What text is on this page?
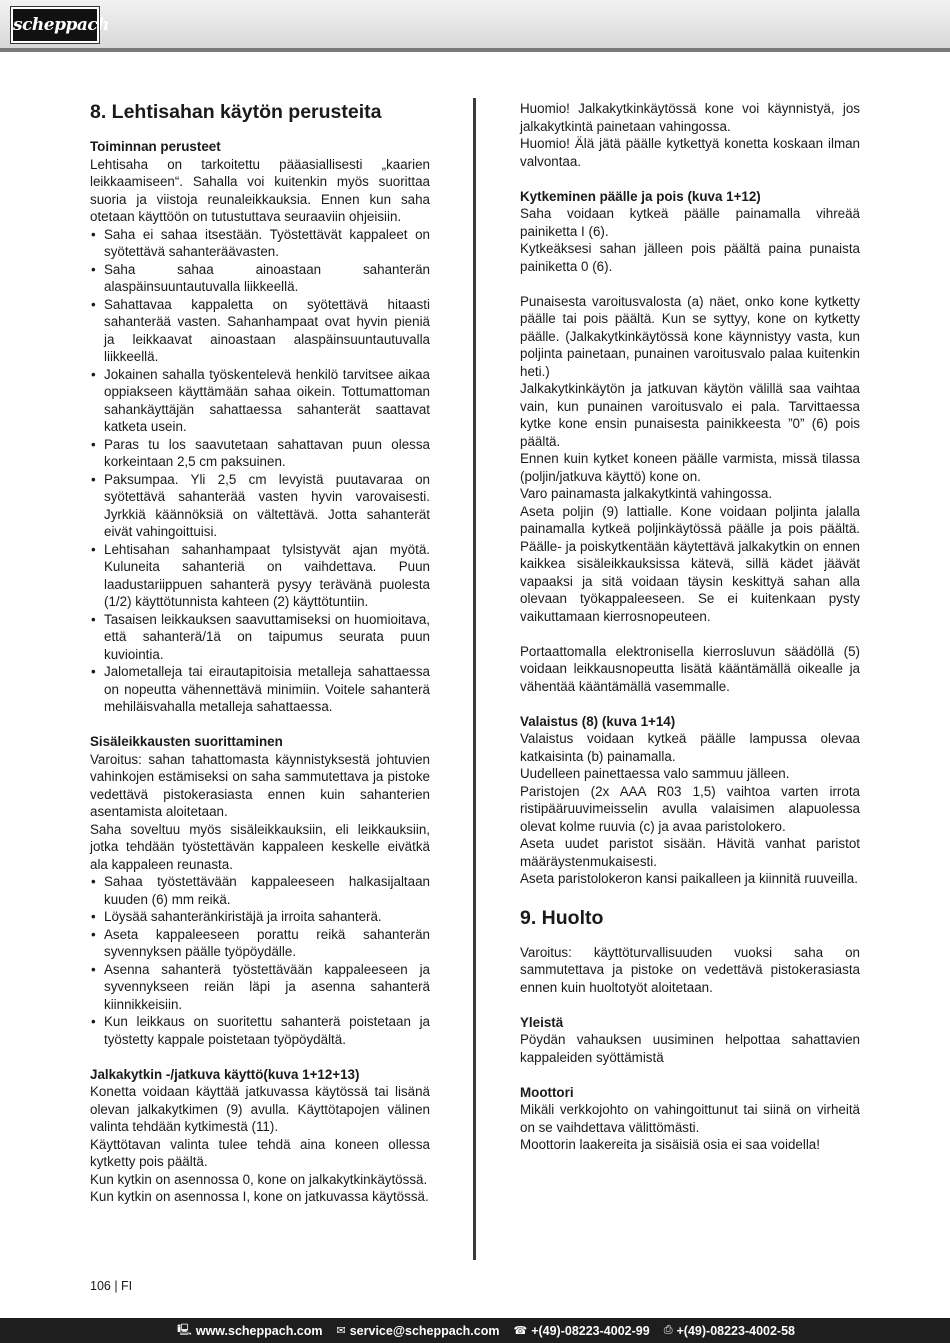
scheppach
8. Lehtisahan käytön perusteita
Toiminnan perusteet
Lehtisaha on tarkoitettu pääasiallisesti „kaarien leikkaamiseen“. Sahalla voi kuitenkin myös suorittaa suoria ja viistoja reunaleikkauksia. Ennen kun saha otetaan käyttöön on tutustuttava seuraaviin ohjeisiin.
• Saha ei sahaa itsestään. Työstettävät kappaleet on syötettävä sahanteräävasten.
• Saha sahaa ainoastaan sahanterän alaspäinsuuntautuvalla liikkeellä.
• Sahattavaa kappaletta on syötettävä hitaasti sahanterää vasten. Sahanhampaat ovat hyvin pieniä ja leikkaavat ainoastaan alaspäinsuuntautuvalla liikkeellä.
• Jokainen sahalla työskentelevä henkilö tarvitsee aikaa oppiakseen käyttämään sahaa oikein. Tottumattoman sahankäyttäjän sahattaessa sahanterät saattavat katketa usein.
• Paras tu los saavutetaan sahattavan puun olessa korkeintaan 2,5 cm paksuinen.
• Paksumpaa. Yli 2,5 cm levyistä puutavaraa on syötettävä sahanterää vasten hyvin varovaisesti. Jyrkkiä käännöksiä on vältettävä. Jotta sahanterät eivät vahingoittuisi.
• Lehtisahan sahanhampaat tylsistyvät ajan myötä. Kuluneita sahanteriä on vaihdettava. Puun laadustariippuen sahanterä pysyy terävänä puolesta (1/2) käyttötunnista kahteen (2) käyttötuntiin.
• Tasaisen leikkauksen saavuttamiseksi on huomioitava, että sahanterä/1ä on taipumus seurata puun kuviointia.
• Jalometalleja tai eirautapitoisia metalleja sahattaessa on nopeutta vähennettävä minimiin. Voitele sahanterä mehiläisvahalla metalleja sahattaessa.
Sisäleikkausten suorittaminen
Varoitus: sahan tahattomasta käynnistyksestä johtuvien vahinkojen estämiseksi on saha sammutettava ja pistoke vedettävä pistokerasiasta ennen kuin sahanterien asentamista aloitetaan.
Saha soveltuu myös sisäleikkauksiin, eli leikkauksiin, jotka tehdään työstettävän kappaleen keskelle eivätkä ala kappaleen reunasta.
• Sahaa työstettävään kappaleeseen halkasijaltaan kuuden (6) mm reikä.
• Löysää sahanteränkiristäjä ja irroita sahanterä.
• Aseta kappaleeseen porattu reikä sahanterän syvennyksen päälle työpöydälle.
• Asenna sahanterä työstettävään kappaleeseen ja syvennykseen reiän läpi ja asenna sahanterä kiinnikkeisiin.
• Kun leikkaus on suoritettu sahanterä poistetaan ja työstetty kappale poistetaan työpöydältä.
Jalkakytkin -/jatkuva käyttö(kuva 1+12+13)
Konetta voidaan käyttää jatkuvassa käytössä tai lisänä olevan jalkakytkimen (9) avulla. Käyttötapojen välinen valinta tehdään kytkimestä (11).
Käyttötavan valinta tulee tehdä aina koneen ollessa kytketty pois päältä.
Kun kytkin on asennossa 0, kone on jalkakytkinkäytössä.
Kun kytkin on asennossa I, kone on jatkuvassa käytössä.
Huomio! Jalkakytkinkäytössä kone voi käynnistyä, jos jalkakytkintä painetaan vahingossa.
Huomio! Älä jätä päälle kytkettyä konetta koskaan ilman valvontaa.
Kytkeminen päälle ja pois (kuva 1+12)
Saha voidaan kytkeä päälle painamalla vihreää painiketta I (6).
Kytkeäksesi sahan jälleen pois päältä paina punaista painiketta 0 (6).
Punaisesta varoitusvalosta (a) näet, onko kone kytketty päälle tai pois päältä. Kun se syttyy, kone on kytketty päälle. (Jalkakytkinkäytössä kone käynnistyy vasta, kun poljinta painetaan, punainen varoitusvalo palaa kuitenkin heti.)
Jalkakytkinkäytön ja jatkuvan käytön välillä saa vaihtaa vain, kun punainen varoitusvalo ei pala. Tarvittaessa kytke kone ensin punaisesta painikkeesta ”0” (6) pois päältä.
Ennen kuin kytket koneen päälle varmista, missä tilassa (poljin/jatkuva käyttö) kone on.
Varo painamasta jalkakytkintä vahingossa.
Aseta poljin (9) lattialle. Kone voidaan poljinta jalalla painamalla kytkeä poljinkäytössä päälle ja pois päältä. Päälle- ja poiskytkentään käytettävä jalkakytkin on ennen kaikkea sisäleikkauksissa kätevä, sillä kädet jäävät vapaaksi ja sitä voidaan täysin keskittyä sahan alla olevaan työkappaleeseen. Se ei kuitenkaan pysty vaikuttamaan kierrosnopeuteen.
Portaattomalla elektronisella kierrosluvun säädöllä (5) voidaan leikkausnopeutta lisätä kääntämällä oikealle ja vähentää kääntämällä vasemmalle.
Valaistus (8) (kuva 1+14)
Valaistus voidaan kytkeä päälle lampussa olevaa katkaisinta (b) painamalla.
Uudelleen painettaessa valo sammuu jälleen.
Paristojen (2x AAA R03 1,5) vaihtoa varten irrota ristipääruuvimeisselin avulla valaisimen alapuolessa olevat kolme ruuvia (c) ja avaa paristolokero.
Aseta uudet paristot sisään. Hävitä vanhat paristot määräystenmukaisesti.
Aseta paristolokeron kansi paikalleen ja kiinnitä ruuveilla.
9. Huolto
Varoitus: käyttöturvallisuuden vuoksi saha on sammutettava ja pistoke on vedettävä pistokerasiasta ennen kuin huoltotyöt aloitetaan.
Yleistä
Pöydän vahauksen uusiminen helpottaa sahattavien kappaleiden syöttämistä
Moottori
Mikäli verkkojohto on vahingoittunut tai siinä on virheitä on se vaihdettava välittömästi.
Moottorin laakereita ja sisäisiä osia ei saa voidella!
106 | FI
🖳 www.scheppach.com ✉ service@scheppach.com ☎ +(49)-08223-4002-99 ⎙ +(49)-08223-4002-58
